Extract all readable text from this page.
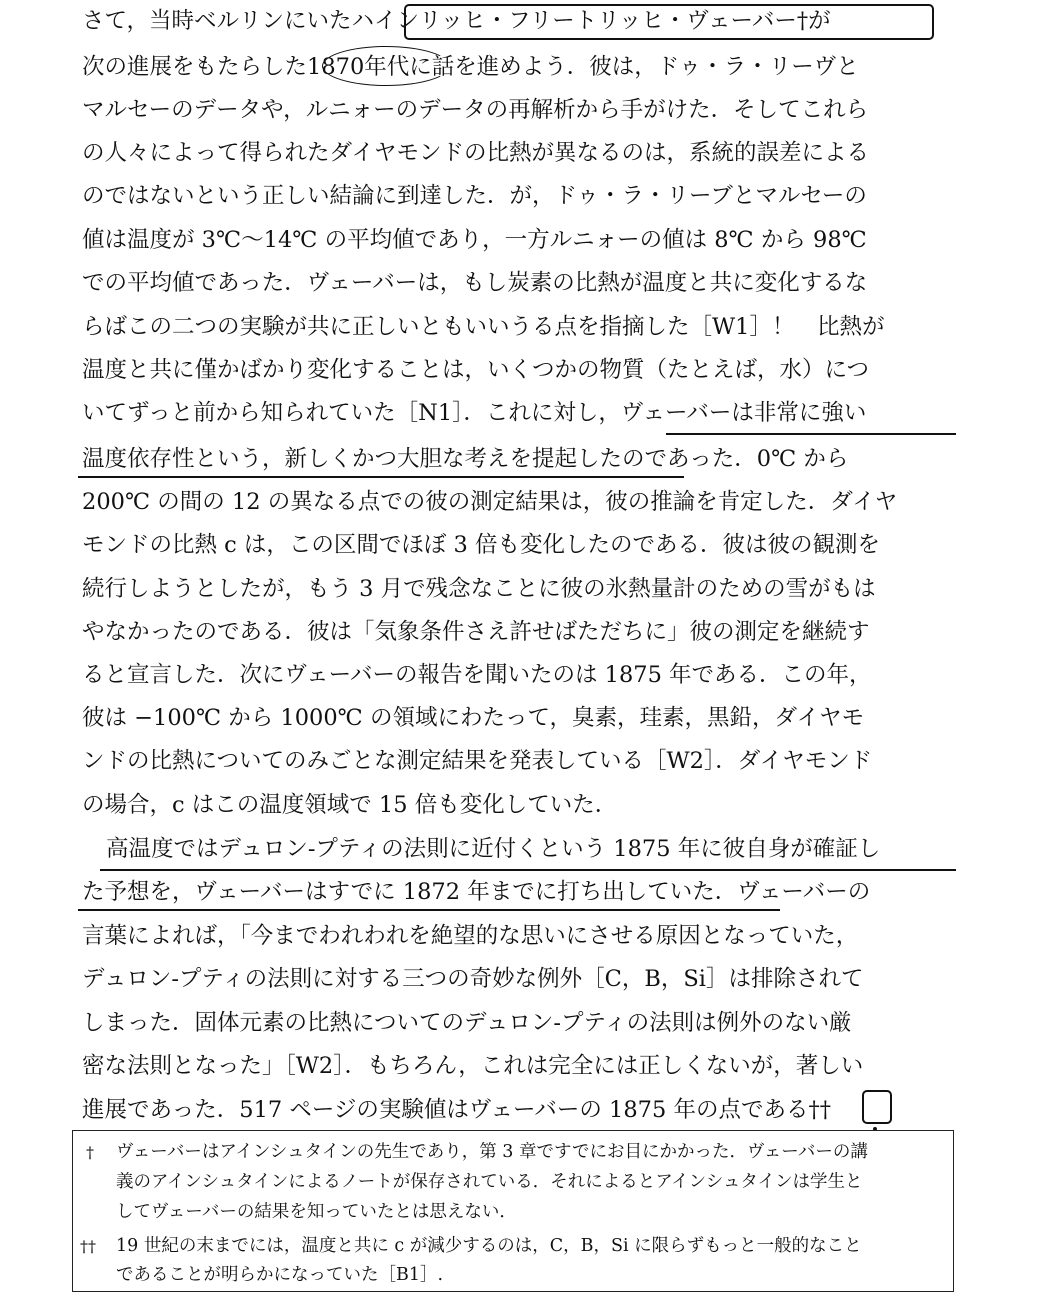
さて，当時ベルリンにいたハインリッヒ・フリートリッヒ・ヴェーバー†が
次の進展をもたらした1870年代に話を進めよう．彼は，ドゥ・ラ・リーヴと
マルセーのデータや，ルニォーのデータの再解析から手がけた．そしてこれら
の人々によって得られたダイヤモンドの比熱が異なるのは，系統的誤差による
のではないという正しい結論に到達した．が，ドゥ・ラ・リーブとマルセーの
値は温度が 3℃～14℃ の平均値であり，一方ルニォーの値は 8℃ から 98℃
での平均値であった．ヴェーバーは，もし炭素の比熱が温度と共に変化するな
らばこの二つの実験が共に正しいともいいうる点を指摘した［W1］！　比熱が
温度と共に僅かばかり変化することは，いくつかの物質（たとえば，水）につ
いてずっと前から知られていた［N1］．これに対し，ヴェーバーは非常に強い
温度依存性という，新しくかつ大胆な考えを提起したのであった．0℃ から
200℃ の間の 12 の異なる点での彼の測定結果は，彼の推論を肯定した．ダイヤ
モンドの比熱 c は，この区間でほぼ 3 倍も変化したのである．彼は彼の観測を
続行しようとしたが，もう 3 月で残念なことに彼の氷熱量計のための雪がもは
やなかったのである．彼は「気象条件さえ許せばただちに」彼の測定を継続す
ると宣言した．次にヴェーバーの報告を聞いたのは 1875 年である．この年，
彼は −100℃ から 1000℃ の領域にわたって，臭素，珪素，黒鉛，ダイヤモ
ンドの比熱についてのみごとな測定結果を発表している［W2］．ダイヤモンド
の場合，c はこの温度領域で 15 倍も変化していた．
高温度ではデュロン-プティの法則に近付くという 1875 年に彼自身が確証し
た予想を，ヴェーバーはすでに 1872 年までに打ち出していた．ヴェーバーの
言葉によれば，「今までわれわれを絶望的な思いにさせる原因となっていた，
デュロン-プティの法則に対する三つの奇妙な例外［C，B，Si］は排除されて
しまった．固体元素の比熱についてのデュロン-プティの法則は例外のない厳
密な法則となった」［W2］．もちろん，これは完全には正しくないが，著しい
進展であった．517 ページの実験値はヴェーバーの 1875 年の点である††
† ヴェーバーはアインシュタインの先生であり，第 3 章ですでにお目にかかった．ヴェーバーの講
義のアインシュタインによるノートが保存されている．それによるとアインシュタインは学生と
してヴェーバーの結果を知っていたとは思えない．
†† 19 世紀の末までには，温度と共に c が減少するのは，C，B，Si に限らずもっと一般的なこと
であることが明らかになっていた［B1］.
